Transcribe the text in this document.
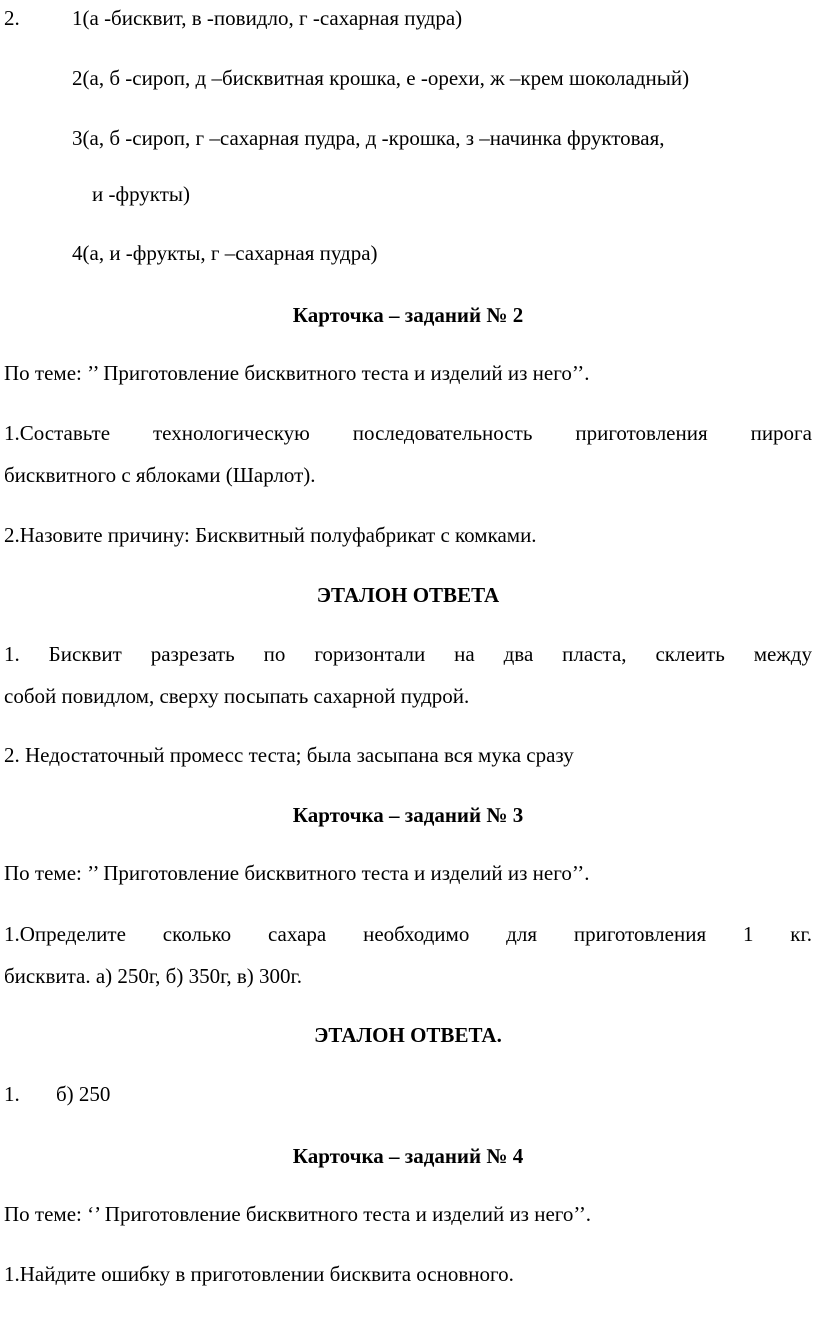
2. 1(а -бисквит, в -повидло, г -сахарная пудра)
2(а, б -сироп, д –бисквитная крошка, е -орехи, ж –крем шоколадный)
3(а, б -сироп, г –сахарная пудра, д -крошка, з –начинка фруктовая,
и -фрукты)
4(а, и -фрукты, г –сахарная пудра)
Карточка – заданий № 2
По теме: ’’ Приготовление бисквитного теста и изделий из него’’.
1.Составьте технологическую последовательность приготовления пирога
бисквитного с яблоками (Шарлот).
2.Назовите причину: Бисквитный полуфабрикат с комками.
ЭТАЛОН ОТВЕТА
1. Бисквит разрезать по горизонтали на два пласта, склеить между
собой повидлом, сверху посыпать сахарной пудрой.
2. Недостаточный промесс теста; была засыпана вся мука сразу
Карточка – заданий № 3
По теме: ’’ Приготовление бисквитного теста и изделий из него’’.
1.Определите сколько сахара необходимо для приготовления 1 кг.
бисквита. а) 250г, б) 350г, в) 300г.
ЭТАЛОН ОТВЕТА.
1. б) 250
Карточка – заданий № 4
По теме: ‘’ Приготовление бисквитного теста и изделий из него’’.
1.Найдите ошибку в приготовлении бисквита основного.
